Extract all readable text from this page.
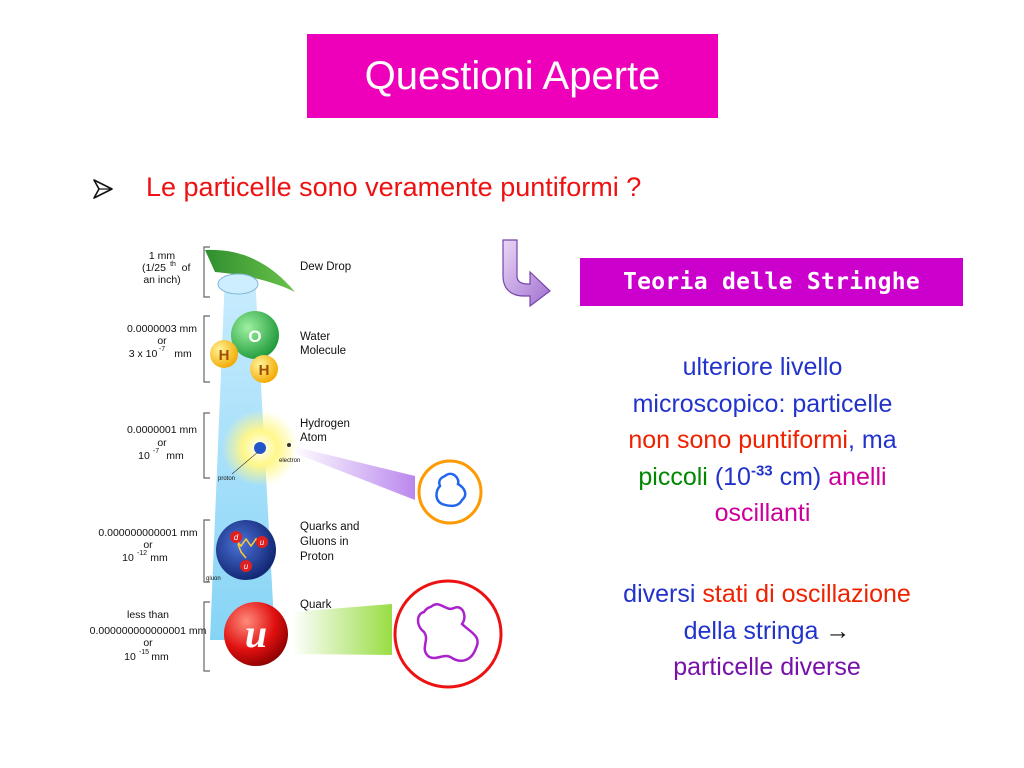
Questioni Aperte
Le particelle sono veramente puntiformi ?
O
H
H
proton
electron
d
u
u
gluon
u
1 mm
(1/25 th of
an inch)
0.0000003 mm
or
3 x 10 -7 mm
0.0000001 mm
or
10 -7 mm
0.000000000001 mm
or
10 -12 mm
less than
0.000000000000001 mm
or
10 -15 mm
Dew Drop
Water
Molecule
Hydrogen
Atom
Quarks and
Gluons in
Proton
Quark
Teoria delle Stringhe
ulteriore livello
microscopico: particelle
non sono puntiformi, ma
piccoli ($10^{-33}$ cm) anelli
oscillanti
diversi stati di oscillazione
della stringa →
particelle diverse
